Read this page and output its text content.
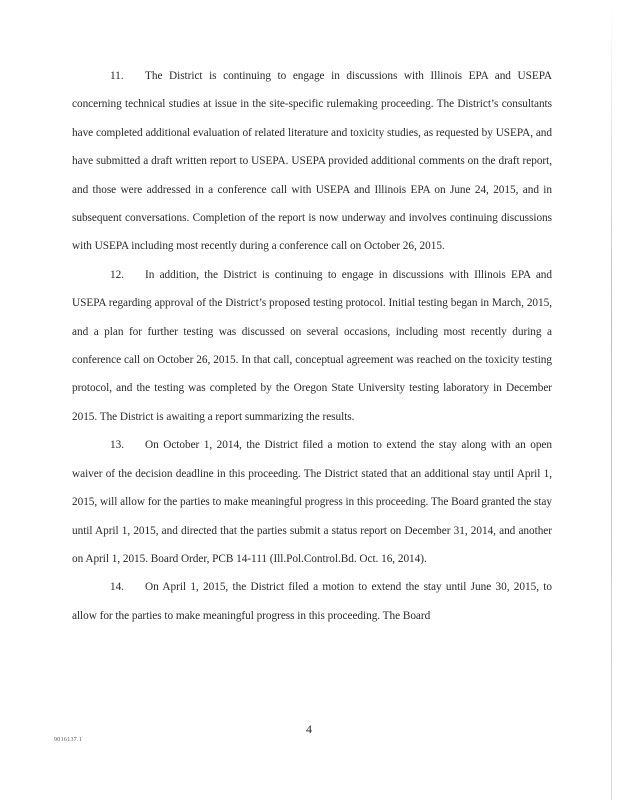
11. The District is continuing to engage in discussions with Illinois EPA and USEPA concerning technical studies at issue in the site-specific rulemaking proceeding. The District’s consultants have completed additional evaluation of related literature and toxicity studies, as requested by USEPA, and have submitted a draft written report to USEPA. USEPA provided additional comments on the draft report, and those were addressed in a conference call with USEPA and Illinois EPA on June 24, 2015, and in subsequent conversations. Completion of the report is now underway and involves continuing discussions with USEPA including most recently during a conference call on October 26, 2015.

12. In addition, the District is continuing to engage in discussions with Illinois EPA and USEPA regarding approval of the District’s proposed testing protocol. Initial testing began in March, 2015, and a plan for further testing was discussed on several occasions, including most recently during a conference call on October 26, 2015. In that call, conceptual agreement was reached on the toxicity testing protocol, and the testing was completed by the Oregon State University testing laboratory in December 2015. The District is awaiting a report summarizing the results.

13. On October 1, 2014, the District filed a motion to extend the stay along with an open waiver of the decision deadline in this proceeding. The District stated that an additional stay until April 1, 2015, will allow for the parties to make meaningful progress in this proceeding. The Board granted the stay until April 1, 2015, and directed that the parties submit a status report on December 31, 2014, and another on April 1, 2015. Board Order, PCB 14-111 (Ill.Pol.Control.Bd. Oct. 16, 2014).

14. On April 1, 2015, the District filed a motion to extend the stay until June 30, 2015, to allow for the parties to make meaningful progress in this proceeding. The Board

4
9016137.1
